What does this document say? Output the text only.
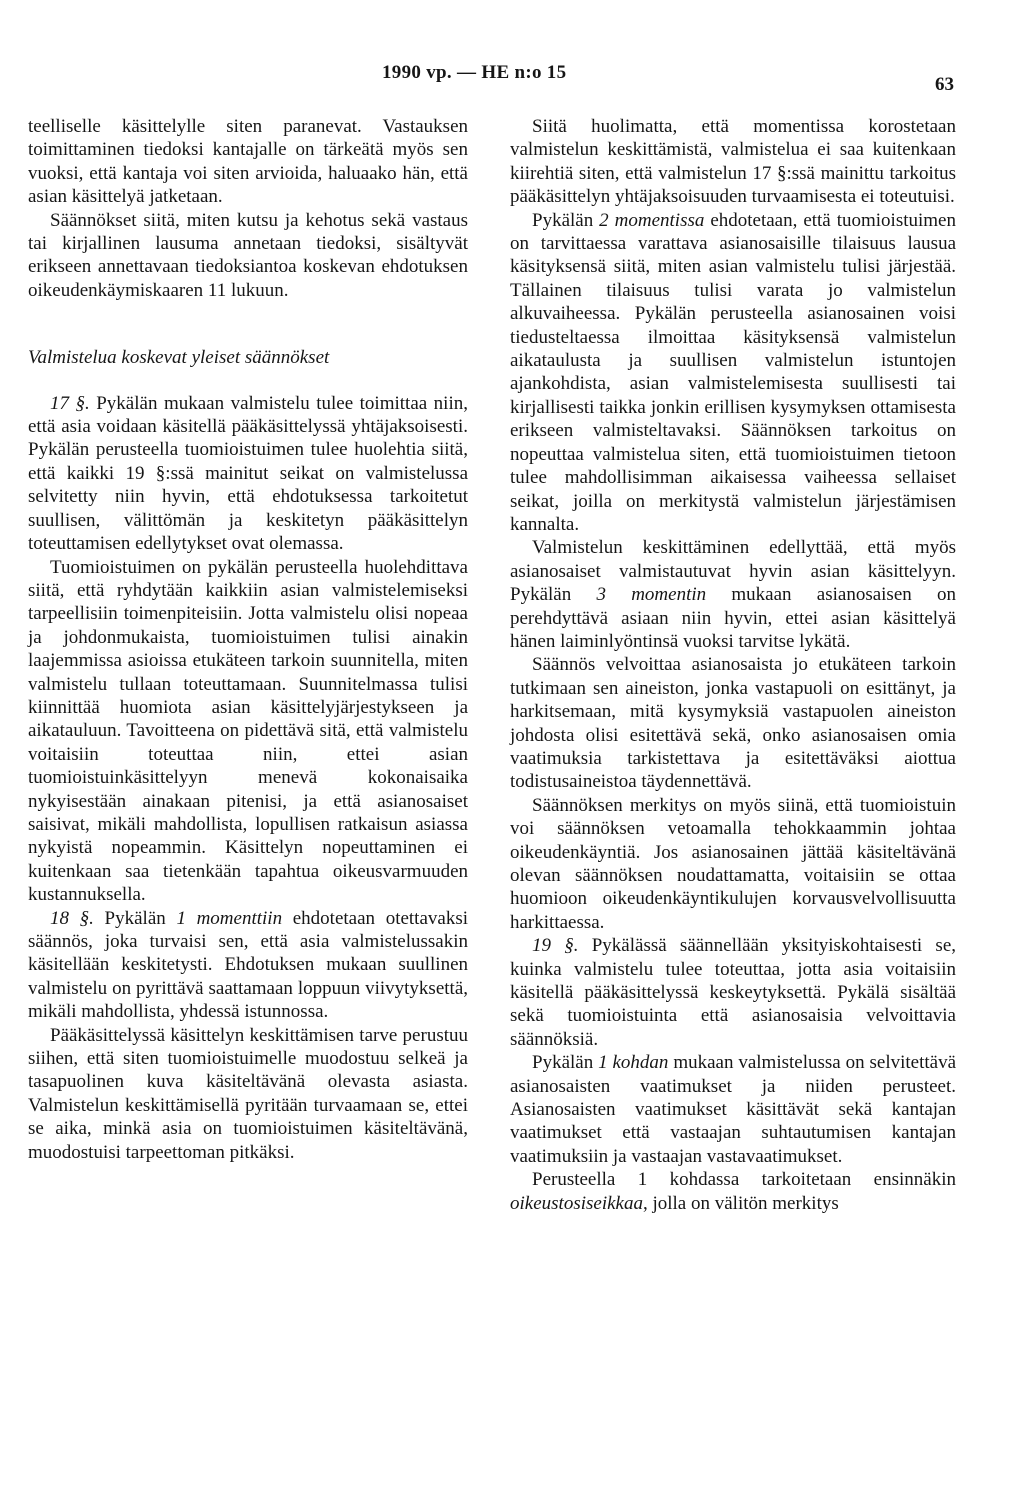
1990 vp. — HE n:o 15
63

teelliselle käsittelylle siten paranevat. Vastauksen toimittaminen tiedoksi kantajalle on tärkeätä myös sen vuoksi, että kantaja voi siten arvioida, haluaako hän, että asian käsittelyä jatketaan.

Säännökset siitä, miten kutsu ja kehotus sekä vastaus tai kirjallinen lausuma annetaan tiedoksi, sisältyvät erikseen annettavaan tiedoksiantoa koskevan ehdotuksen oikeudenkäymiskaaren 11 lukuun.

Valmistelua koskevat yleiset säännökset

17 §. Pykälän mukaan valmistelu tulee toimittaa niin, että asia voidaan käsitellä pääkäsittelyssä yhtäjaksoisesti. Pykälän perusteella tuomioistuimen tulee huolehtia siitä, että kaikki 19 §:ssä mainitut seikat on valmistelussa selvitetty niin hyvin, että ehdotuksessa tarkoitetut suullisen, välittömän ja keskitetyn pääkäsittelyn toteuttamisen edellytykset ovat olemassa.

Tuomioistuimen on pykälän perusteella huolehdittava siitä, että ryhdytään kaikkiin asian valmistelemiseksi tarpeellisiin toimenpiteisiin. Jotta valmistelu olisi nopeaa ja johdonmukaista, tuomioistuimen tulisi ainakin laajemmissa asioissa etukäteen tarkoin suunnitella, miten valmistelu tullaan toteuttamaan. Suunnitelmassa tulisi kiinnittää huomiota asian käsittelyjärjestykseen ja aikatauluun. Tavoitteena on pidettävä sitä, että valmistelu voitaisiin toteuttaa niin, ettei asian tuomioistuinkäsittelyyn menevä kokonaisaika nykyisestään ainakaan pitenisi, ja että asianosaiset saisivat, mikäli mahdollista, lopullisen ratkaisun asiassa nykyistä nopeammin. Käsittelyn nopeuttaminen ei kuitenkaan saa tietenkään tapahtua oikeusvarmuuden kustannuksella.

18 §. Pykälän 1 momenttiin ehdotetaan otettavaksi säännös, joka turvaisi sen, että asia valmistelussakin käsitellään keskitetysti. Ehdotuksen mukaan suullinen valmistelu on pyrittävä saattamaan loppuun viivytyksettä, mikäli mahdollista, yhdessä istunnossa.

Pääkäsittelyssä käsittelyn keskittämisen tarve perustuu siihen, että siten tuomioistuimelle muodostuu selkeä ja tasapuolinen kuva käsiteltävänä olevasta asiasta. Valmistelun keskittämisellä pyritään turvaamaan se, ettei se aika, minkä asia on tuomioistuimen käsiteltävänä, muodostuisi tarpeettoman pitkäksi.

Siitä huolimatta, että momentissa korostetaan valmistelun keskittämistä, valmistelua ei saa kuitenkaan kiirehtiä siten, että valmistelun 17 §:ssä mainittu tarkoitus pääkäsittelyn yhtäjaksoisuuden turvaamisesta ei toteutuisi.

Pykälän 2 momentissa ehdotetaan, että tuomioistuimen on tarvittaessa varattava asianosaisille tilaisuus lausua käsityksensä siitä, miten asian valmistelu tulisi järjestää. Tällainen tilaisuus tulisi varata jo valmistelun alkuvaiheessa. Pykälän perusteella asianosainen voisi tiedusteltaessa ilmoittaa käsityksensä valmistelun aikataulusta ja suullisen valmistelun istuntojen ajankohdista, asian valmistelemisesta suullisesti tai kirjallisesti taikka jonkin erillisen kysymyksen ottamisesta erikseen valmisteltavaksi. Säännöksen tarkoitus on nopeuttaa valmistelua siten, että tuomioistuimen tietoon tulee mahdollisimman aikaisessa vaiheessa sellaiset seikat, joilla on merkitystä valmistelun järjestämisen kannalta.

Valmistelun keskittäminen edellyttää, että myös asianosaiset valmistautuvat hyvin asian käsittelyyn. Pykälän 3 momentin mukaan asianosaisen on perehdyttävä asiaan niin hyvin, ettei asian käsittelyä hänen laiminlyöntinsä vuoksi tarvitse lykätä.

Säännös velvoittaa asianosaista jo etukäteen tarkoin tutkimaan sen aineiston, jonka vastapuoli on esittänyt, ja harkitsemaan, mitä kysymyksiä vastapuolen aineiston johdosta olisi esitettävä sekä, onko asianosaisen omia vaatimuksia tarkistettava ja esitettäväksi aiottua todistusaineistoa täydennettävä.

Säännöksen merkitys on myös siinä, että tuomioistuin voi säännöksen vetoamalla tehokkaammin johtaa oikeudenkäyntiä. Jos asianosainen jättää käsiteltävänä olevan säännöksen noudattamatta, voitaisiin se ottaa huomioon oikeudenkäyntikulujen korvausvelvollisuutta harkittaessa.

19 §. Pykälässä säännellään yksityiskohtaisesti se, kuinka valmistelu tulee toteuttaa, jotta asia voitaisiin käsitellä pääkäsittelyssä keskeytyksettä. Pykälä sisältää sekä tuomioistuinta että asianosaisia velvoittavia säännöksiä.

Pykälän 1 kohdan mukaan valmistelussa on selvitettävä asianosaisten vaatimukset ja niiden perusteet. Asianosaisten vaatimukset käsittävät sekä kantajan vaatimukset että vastaajan suhtautumisen kantajan vaatimuksiin ja vastaajan vastavaatimukset.

Perusteella 1 kohdassa tarkoitetaan ensinnäkin oikeustosiseikkaa, jolla on välitön merkitys
